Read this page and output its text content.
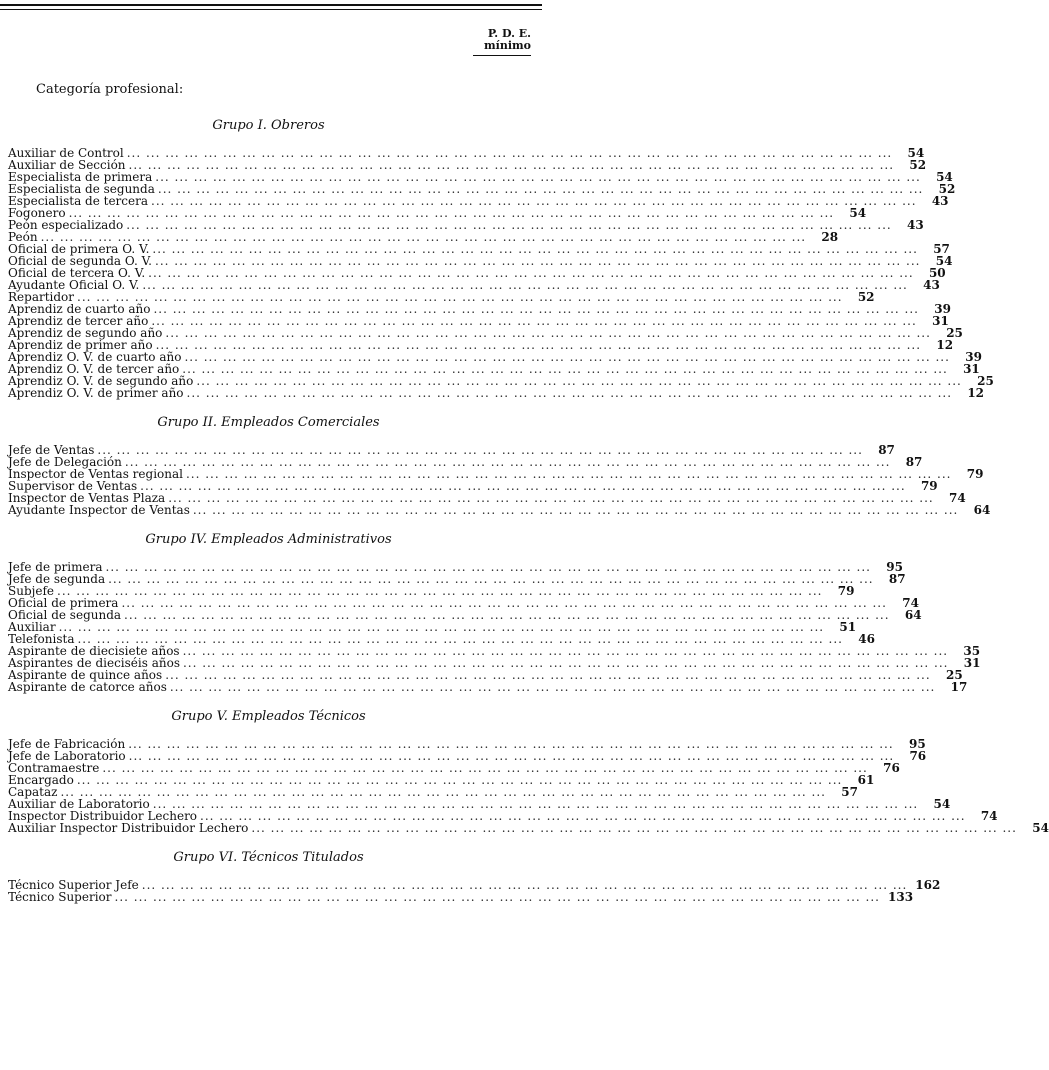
P. D. E.
mínimo
Categoría profesional:
Grupo I. Obreros
Auxiliar de Control ... ... ... ... ... ... ... ... ... ... ... ... ... ... ... ... ... ... ... ... ... ... ... ... ... ... ... ... ... ... ... ... ... ... ... ... ... ... ... ...	54
Auxiliar de Sección ... ... ... ... ... ... ... ... ... ... ... ... ... ... ... ... ... ... ... ... ... ... ... ... ... ... ... ... ... ... ... ... ... ... ... ... ... ... ... ...	52
Especialista de primera ... ... ... ... ... ... ... ... ... ... ... ... ... ... ... ... ... ... ... ... ... ... ... ... ... ... ... ... ... ... ... ... ... ... ... ... ... ... ... ...	54
Especialista de segunda ... ... ... ... ... ... ... ... ... ... ... ... ... ... ... ... ... ... ... ... ... ... ... ... ... ... ... ... ... ... ... ... ... ... ... ... ... ... ... ...	52
Especialista de tercera ... ... ... ... ... ... ... ... ... ... ... ... ... ... ... ... ... ... ... ... ... ... ... ... ... ... ... ... ... ... ... ... ... ... ... ... ... ... ... ...	43
Fogonero ... ... ... ... ... ... ... ... ... ... ... ... ... ... ... ... ... ... ... ... ... ... ... ... ... ... ... ... ... ... ... ... ... ... ... ... ... ... ... ...	54
Peón especializado ... ... ... ... ... ... ... ... ... ... ... ... ... ... ... ... ... ... ... ... ... ... ... ... ... ... ... ... ... ... ... ... ... ... ... ... ... ... ... ...	43
Peón ... ... ... ... ... ... ... ... ... ... ... ... ... ... ... ... ... ... ... ... ... ... ... ... ... ... ... ... ... ... ... ... ... ... ... ... ... ... ... ...	28
Oficial de primera O. V. ... ... ... ... ... ... ... ... ... ... ... ... ... ... ... ... ... ... ... ... ... ... ... ... ... ... ... ... ... ... ... ... ... ... ... ... ... ... ... ...	57
Oficial de segunda O. V. ... ... ... ... ... ... ... ... ... ... ... ... ... ... ... ... ... ... ... ... ... ... ... ... ... ... ... ... ... ... ... ... ... ... ... ... ... ... ... ...	54
Oficial de tercera O. V. ... ... ... ... ... ... ... ... ... ... ... ... ... ... ... ... ... ... ... ... ... ... ... ... ... ... ... ... ... ... ... ... ... ... ... ... ... ... ... ...	50
Ayudante Oficial O. V. ... ... ... ... ... ... ... ... ... ... ... ... ... ... ... ... ... ... ... ... ... ... ... ... ... ... ... ... ... ... ... ... ... ... ... ... ... ... ... ...	43
Repartidor ... ... ... ... ... ... ... ... ... ... ... ... ... ... ... ... ... ... ... ... ... ... ... ... ... ... ... ... ... ... ... ... ... ... ... ... ... ... ... ...	52
Aprendiz de cuarto año ... ... ... ... ... ... ... ... ... ... ... ... ... ... ... ... ... ... ... ... ... ... ... ... ... ... ... ... ... ... ... ... ... ... ... ... ... ... ... ...	39
Aprendiz de tercer año ... ... ... ... ... ... ... ... ... ... ... ... ... ... ... ... ... ... ... ... ... ... ... ... ... ... ... ... ... ... ... ... ... ... ... ... ... ... ... ...	31
Aprendiz de segundo año ... ... ... ... ... ... ... ... ... ... ... ... ... ... ... ... ... ... ... ... ... ... ... ... ... ... ... ... ... ... ... ... ... ... ... ... ... ... ... ...	25
Aprendiz de primer año ... ... ... ... ... ... ... ... ... ... ... ... ... ... ... ... ... ... ... ... ... ... ... ... ... ... ... ... ... ... ... ... ... ... ... ... ... ... ... ...	12
Aprendiz O. V. de cuarto año ... ... ... ... ... ... ... ... ... ... ... ... ... ... ... ... ... ... ... ... ... ... ... ... ... ... ... ... ... ... ... ... ... ... ... ... ... ... ... ...	39
Aprendiz O. V. de tercer año ... ... ... ... ... ... ... ... ... ... ... ... ... ... ... ... ... ... ... ... ... ... ... ... ... ... ... ... ... ... ... ... ... ... ... ... ... ... ... ...	31
Aprendiz O. V. de segundo año ... ... ... ... ... ... ... ... ... ... ... ... ... ... ... ... ... ... ... ... ... ... ... ... ... ... ... ... ... ... ... ... ... ... ... ... ... ... ... ...	25
Aprendiz O. V. de primer año ... ... ... ... ... ... ... ... ... ... ... ... ... ... ... ... ... ... ... ... ... ... ... ... ... ... ... ... ... ... ... ... ... ... ... ... ... ... ... ...	12
Grupo II. Empleados Comerciales
Jefe de Ventas ... ... ... ... ... ... ... ... ... ... ... ... ... ... ... ... ... ... ... ... ... ... ... ... ... ... ... ... ... ... ... ... ... ... ... ... ... ... ... ...	87
Jefe de Delegación ... ... ... ... ... ... ... ... ... ... ... ... ... ... ... ... ... ... ... ... ... ... ... ... ... ... ... ... ... ... ... ... ... ... ... ... ... ... ... ...	87
Inspector de Ventas regional ... ... ... ... ... ... ... ... ... ... ... ... ... ... ... ... ... ... ... ... ... ... ... ... ... ... ... ... ... ... ... ... ... ... ... ... ... ... ... ...	79
Supervisor de Ventas ... ... ... ... ... ... ... ... ... ... ... ... ... ... ... ... ... ... ... ... ... ... ... ... ... ... ... ... ... ... ... ... ... ... ... ... ... ... ... ...	79
Inspector de Ventas Plaza ... ... ... ... ... ... ... ... ... ... ... ... ... ... ... ... ... ... ... ... ... ... ... ... ... ... ... ... ... ... ... ... ... ... ... ... ... ... ... ...	74
Ayudante Inspector de Ventas ... ... ... ... ... ... ... ... ... ... ... ... ... ... ... ... ... ... ... ... ... ... ... ... ... ... ... ... ... ... ... ... ... ... ... ... ... ... ... ...	64
Grupo IV. Empleados Administrativos
Jefe de primera ... ... ... ... ... ... ... ... ... ... ... ... ... ... ... ... ... ... ... ... ... ... ... ... ... ... ... ... ... ... ... ... ... ... ... ... ... ... ... ...	95
Jefe de segunda ... ... ... ... ... ... ... ... ... ... ... ... ... ... ... ... ... ... ... ... ... ... ... ... ... ... ... ... ... ... ... ... ... ... ... ... ... ... ... ...	87
Subjefe ... ... ... ... ... ... ... ... ... ... ... ... ... ... ... ... ... ... ... ... ... ... ... ... ... ... ... ... ... ... ... ... ... ... ... ... ... ... ... ...	79
Oficial de primera ... ... ... ... ... ... ... ... ... ... ... ... ... ... ... ... ... ... ... ... ... ... ... ... ... ... ... ... ... ... ... ... ... ... ... ... ... ... ... ...	74
Oficial de segunda ... ... ... ... ... ... ... ... ... ... ... ... ... ... ... ... ... ... ... ... ... ... ... ... ... ... ... ... ... ... ... ... ... ... ... ... ... ... ... ...	64
Auxiliar ... ... ... ... ... ... ... ... ... ... ... ... ... ... ... ... ... ... ... ... ... ... ... ... ... ... ... ... ... ... ... ... ... ... ... ... ... ... ... ...	51
Telefonista ... ... ... ... ... ... ... ... ... ... ... ... ... ... ... ... ... ... ... ... ... ... ... ... ... ... ... ... ... ... ... ... ... ... ... ... ... ... ... ...	46
Aspirante de diecisiete años ... ... ... ... ... ... ... ... ... ... ... ... ... ... ... ... ... ... ... ... ... ... ... ... ... ... ... ... ... ... ... ... ... ... ... ... ... ... ... ...	35
Aspirantes de dieciséis años ... ... ... ... ... ... ... ... ... ... ... ... ... ... ... ... ... ... ... ... ... ... ... ... ... ... ... ... ... ... ... ... ... ... ... ... ... ... ... ...	31
Aspirante de quince años ... ... ... ... ... ... ... ... ... ... ... ... ... ... ... ... ... ... ... ... ... ... ... ... ... ... ... ... ... ... ... ... ... ... ... ... ... ... ... ...	25
Aspirante de catorce años ... ... ... ... ... ... ... ... ... ... ... ... ... ... ... ... ... ... ... ... ... ... ... ... ... ... ... ... ... ... ... ... ... ... ... ... ... ... ... ...	17
Grupo V. Empleados Técnicos
Jefe de Fabricación ... ... ... ... ... ... ... ... ... ... ... ... ... ... ... ... ... ... ... ... ... ... ... ... ... ... ... ... ... ... ... ... ... ... ... ... ... ... ... ...	95
Jefe de Laboratorio ... ... ... ... ... ... ... ... ... ... ... ... ... ... ... ... ... ... ... ... ... ... ... ... ... ... ... ... ... ... ... ... ... ... ... ... ... ... ... ...	76
Contramaestre ... ... ... ... ... ... ... ... ... ... ... ... ... ... ... ... ... ... ... ... ... ... ... ... ... ... ... ... ... ... ... ... ... ... ... ... ... ... ... ...	76
Encargado ... ... ... ... ... ... ... ... ... ... ... ... ... ... ... ... ... ... ... ... ... ... ... ... ... ... ... ... ... ... ... ... ... ... ... ... ... ... ... ...	61
Capataz ... ... ... ... ... ... ... ... ... ... ... ... ... ... ... ... ... ... ... ... ... ... ... ... ... ... ... ... ... ... ... ... ... ... ... ... ... ... ... ...	57
Auxiliar de Laboratorio ... ... ... ... ... ... ... ... ... ... ... ... ... ... ... ... ... ... ... ... ... ... ... ... ... ... ... ... ... ... ... ... ... ... ... ... ... ... ... ...	54
Inspector Distribuidor Lechero ... ... ... ... ... ... ... ... ... ... ... ... ... ... ... ... ... ... ... ... ... ... ... ... ... ... ... ... ... ... ... ... ... ... ... ... ... ... ... ...	74
Auxiliar Inspector Distribuidor Lechero ... ... ... ... ... ... ... ... ... ... ... ... ... ... ... ... ... ... ... ... ... ... ... ... ... ... ... ... ... ... ... ... ... ... ... ... ... ... ... ...	54
Grupo VI. Técnicos Titulados
Técnico Superior Jefe ... ... ... ... ... ... ... ... ... ... ... ... ... ... ... ... ... ... ... ... ... ... ... ... ... ... ... ... ... ... ... ... ... ... ... ... ... ... ... ... 162
Técnico Superior ... ... ... ... ... ... ... ... ... ... ... ... ... ... ... ... ... ... ... ... ... ... ... ... ... ... ... ... ... ... ... ... ... ... ... ... ... ... ... ... 133
